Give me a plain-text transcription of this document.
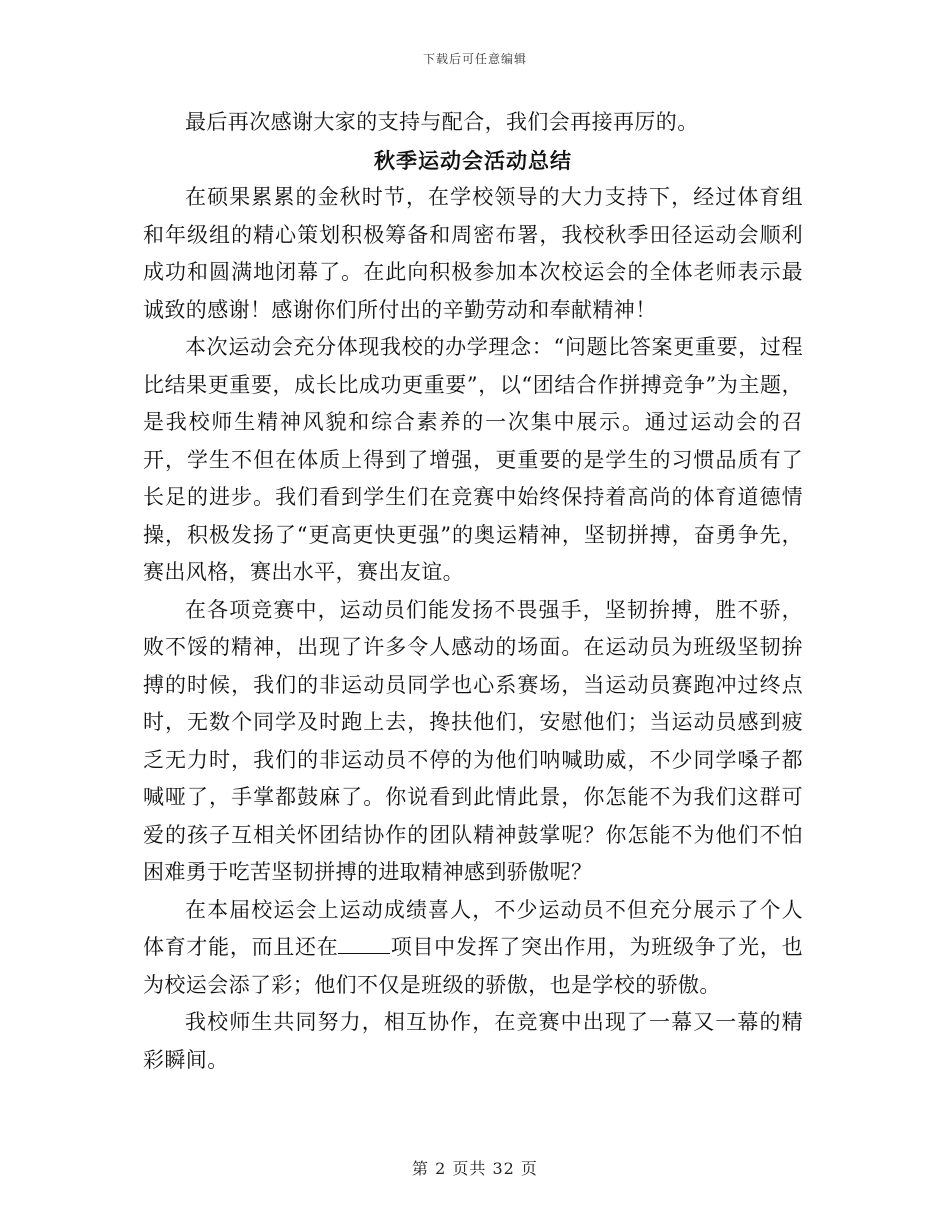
下载后可任意编辑

最后再次感谢大家的支持与配合，我们会再接再厉的。

秋季运动会活动总结

在硕果累累的金秋时节，在学校领导的大力支持下，经过体育组和年级组的精心策划积极筹备和周密布署，我校秋季田径运动会顺利成功和圆满地闭幕了。在此向积极参加本次校运会的全体老师表示最诚致的感谢！感谢你们所付出的辛勤劳动和奉献精神！

本次运动会充分体现我校的办学理念：“问题比答案更重要，过程比结果更重要，成长比成功更重要”，以“团结合作拼搏竞争”为主题，是我校师生精神风貌和综合素养的一次集中展示。通过运动会的召开，学生不但在体质上得到了增强，更重要的是学生的习惯品质有了长足的进步。我们看到学生们在竞赛中始终保持着高尚的体育道德情操，积极发扬了“更高更快更强”的奥运精神，坚韧拼搏，奋勇争先，赛出风格，赛出水平，赛出友谊。

在各项竞赛中，运动员们能发扬不畏强手，坚韧拚搏，胜不骄，败不馁的精神，出现了许多令人感动的场面。在运动员为班级坚韧拚搏的时候，我们的非运动员同学也心系赛场，当运动员赛跑冲过终点时，无数个同学及时跑上去，搀扶他们，安慰他们；当运动员感到疲乏无力时，我们的非运动员不停的为他们呐喊助威，不少同学嗓子都喊哑了，手掌都鼓麻了。你说看到此情此景，你怎能不为我们这群可爱的孩子互相关怀团结协作的团队精神鼓掌呢？你怎能不为他们不怕困难勇于吃苦坚韧拼搏的进取精神感到骄傲呢？

在本届校运会上运动成绩喜人，不少运动员不但充分展示了个人体育才能，而且还在 项目中发挥了突出作用，为班级争了光，也为校运会添了彩；他们不仅是班级的骄傲，也是学校的骄傲。

我校师生共同努力，相互协作，在竞赛中出现了一幕又一幕的精彩瞬间。

第 2 页共 32 页
